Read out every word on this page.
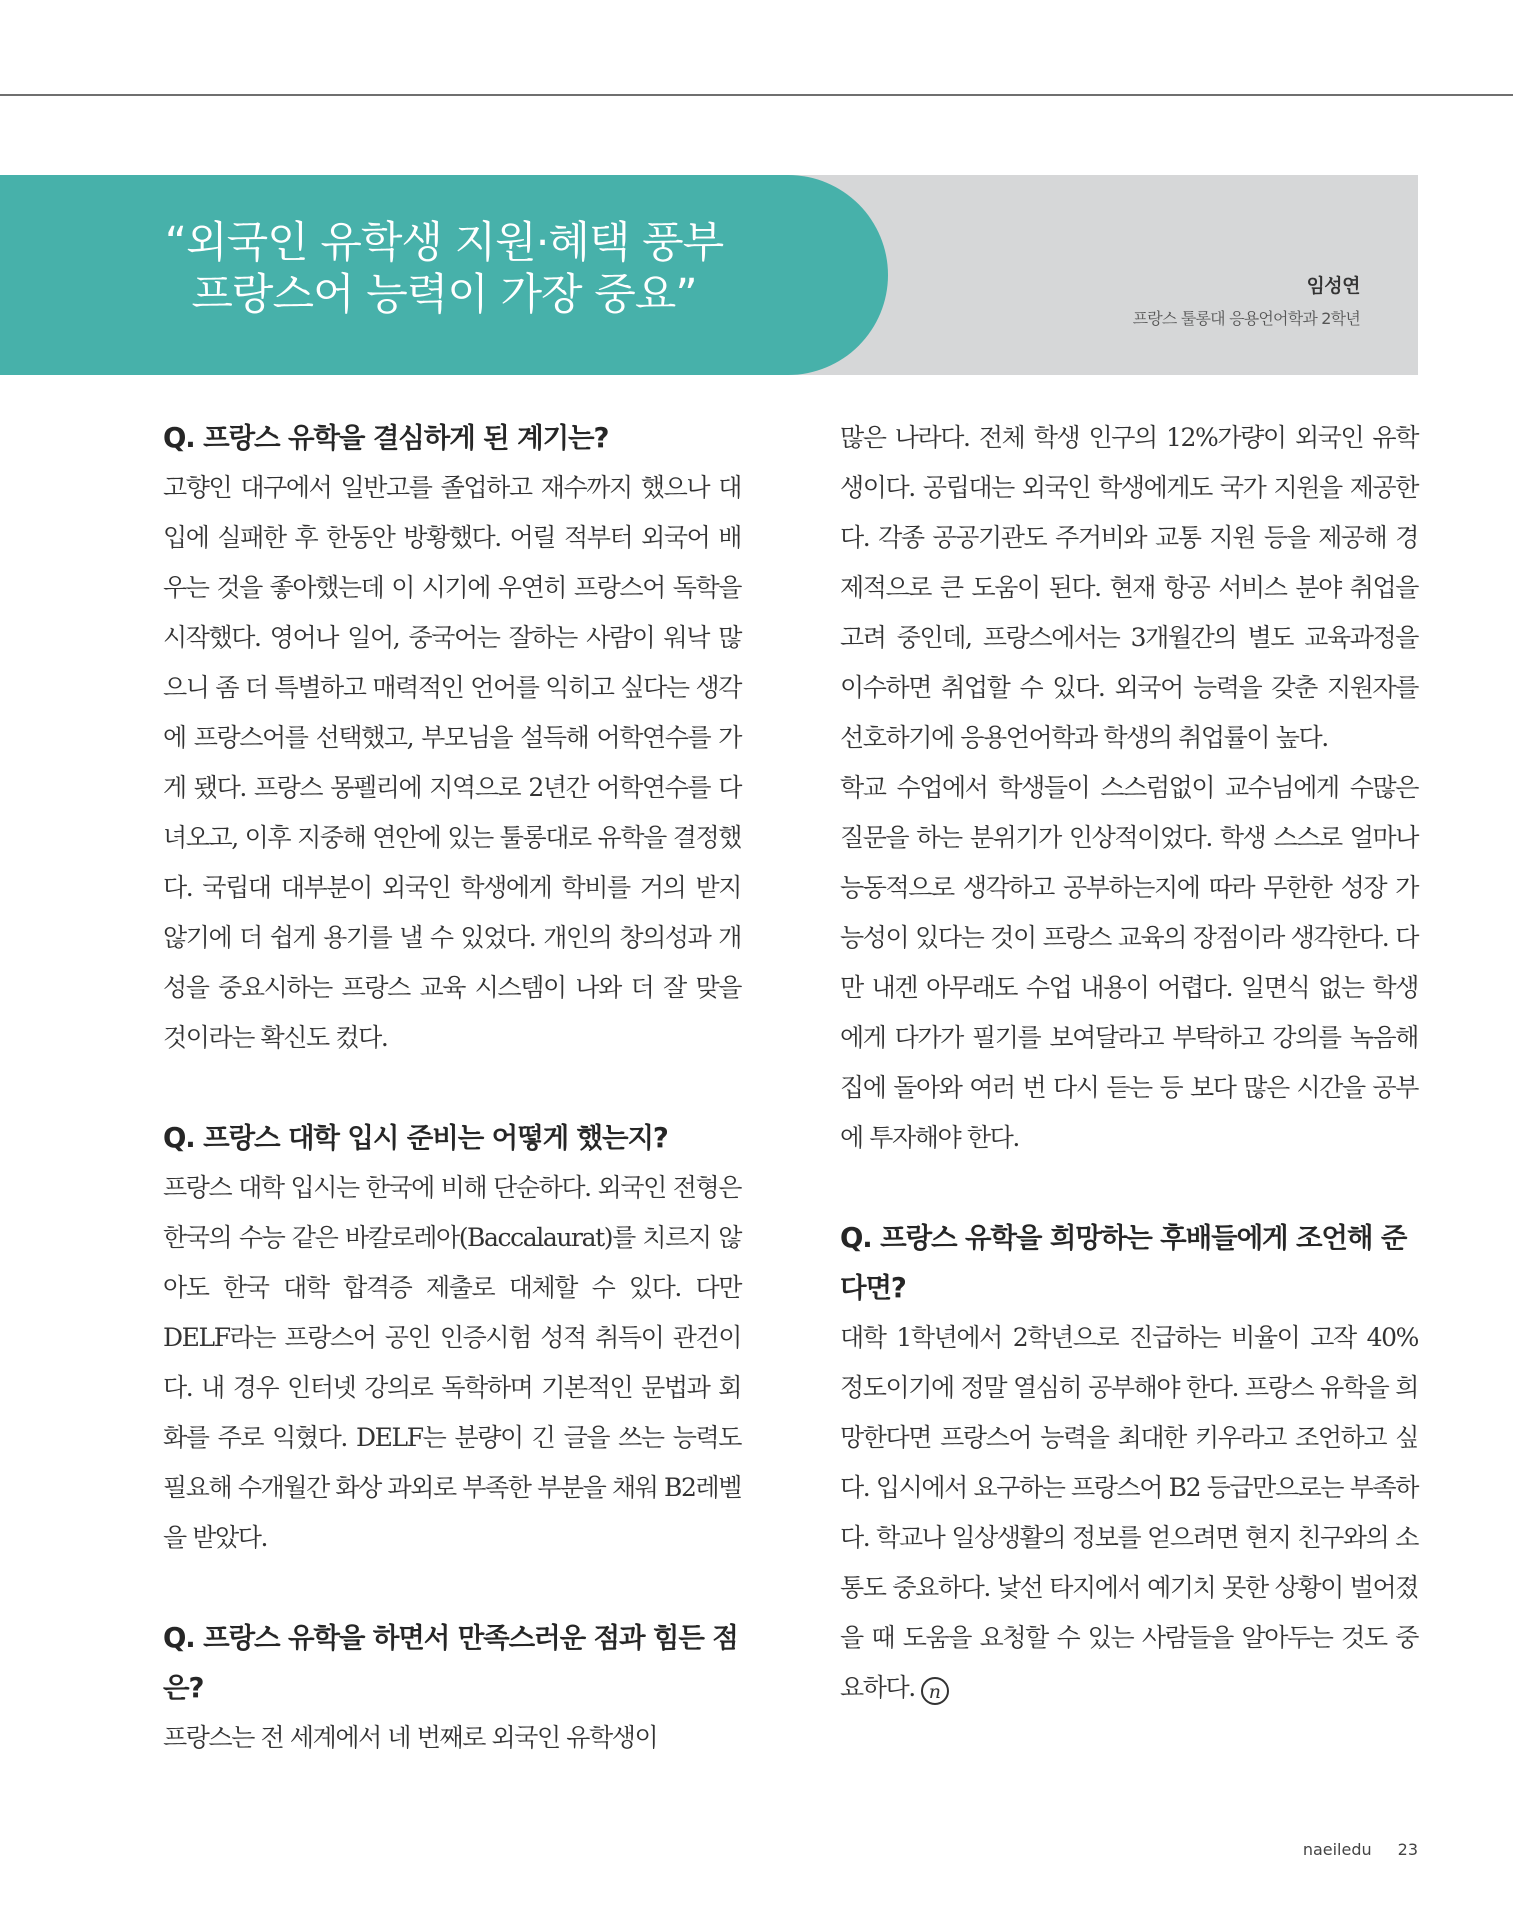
“외국인 유학생 지원·혜택 풍부
프랑스어 능력이 가장 중요”	임성연
프랑스 툴롱대 응용언어학과 2학년
Q. 프랑스 유학을 결심하게 된 계기는?

고향인 대구에서 일반고를 졸업하고 재수까지 했으나 대입에 실패한 후 한동안 방황했다. 어릴 적부터 외국어 배우는 것을 좋아했는데 이 시기에 우연히 프랑스어 독학을 시작했다. 영어나 일어, 중국어는 잘하는 사람이 워낙 많으니 좀 더 특별하고 매력적인 언어를 익히고 싶다는 생각에 프랑스어를 선택했고, 부모님을 설득해 어학연수를 가게 됐다. 프랑스 몽펠리에 지역으로 2년간 어학연수를 다녀오고, 이후 지중해 연안에 있는 툴롱대로 유학을 결정했다. 국립대 대부분이 외국인 학생에게 학비를 거의 받지 않기에 더 쉽게 용기를 낼 수 있었다. 개인의 창의성과 개성을 중요시하는 프랑스 교육 시스템이 나와 더 잘 맞을 것이라는 확신도 컸다.

Q. 프랑스 대학 입시 준비는 어떻게 했는지?

프랑스 대학 입시는 한국에 비해 단순하다. 외국인 전형은 한국의 수능 같은 바칼로레아(Baccalaurat)를 치르지 않아도 한국 대학 합격증 제출로 대체할 수 있다. 다만 DELF라는 프랑스어 공인 인증시험 성적 취득이 관건이다. 내 경우 인터넷 강의로 독학하며 기본적인 문법과 회화를 주로 익혔다. DELF는 분량이 긴 글을 쓰는 능력도 필요해 수개월간 화상 과외로 부족한 부분을 채워 B2레벨을 받았다.

Q. 프랑스 유학을 하면서 만족스러운 점과 힘든 점은?

프랑스는 전 세계에서 네 번째로 외국인 유학생이

많은 나라다. 전체 학생 인구의 12%가량이 외국인 유학생이다. 공립대는 외국인 학생에게도 국가 지원을 제공한다. 각종 공공기관도 주거비와 교통 지원 등을 제공해 경제적으로 큰 도움이 된다. 현재 항공 서비스 분야 취업을 고려 중인데, 프랑스에서는 3개월간의 별도 교육과정을 이수하면 취업할 수 있다. 외국어 능력을 갖춘 지원자를 선호하기에 응용언어학과 학생의 취업률이 높다.

학교 수업에서 학생들이 스스럼없이 교수님에게 수많은 질문을 하는 분위기가 인상적이었다. 학생 스스로 얼마나 능동적으로 생각하고 공부하는지에 따라 무한한 성장 가능성이 있다는 것이 프랑스 교육의 장점이라 생각한다. 다만 내겐 아무래도 수업 내용이 어렵다. 일면식 없는 학생에게 다가가 필기를 보여달라고 부탁하고 강의를 녹음해 집에 돌아와 여러 번 다시 듣는 등 보다 많은 시간을 공부에 투자해야 한다.

Q. 프랑스 유학을 희망하는 후배들에게 조언해 준다면?

대학 1학년에서 2학년으로 진급하는 비율이 고작 40% 정도이기에 정말 열심히 공부해야 한다. 프랑스 유학을 희망한다면 프랑스어 능력을 최대한 키우라고 조언하고 싶다. 입시에서 요구하는 프랑스어 B2 등급만으로는 부족하다. 학교나 일상생활의 정보를 얻으려면 현지 친구와의 소통도 중요하다. 낯선 타지에서 예기치 못한 상황이 벌어졌을 때 도움을 요청할 수 있는 사람들을 알아두는 것도 중요하다. n

naeiledu 23
